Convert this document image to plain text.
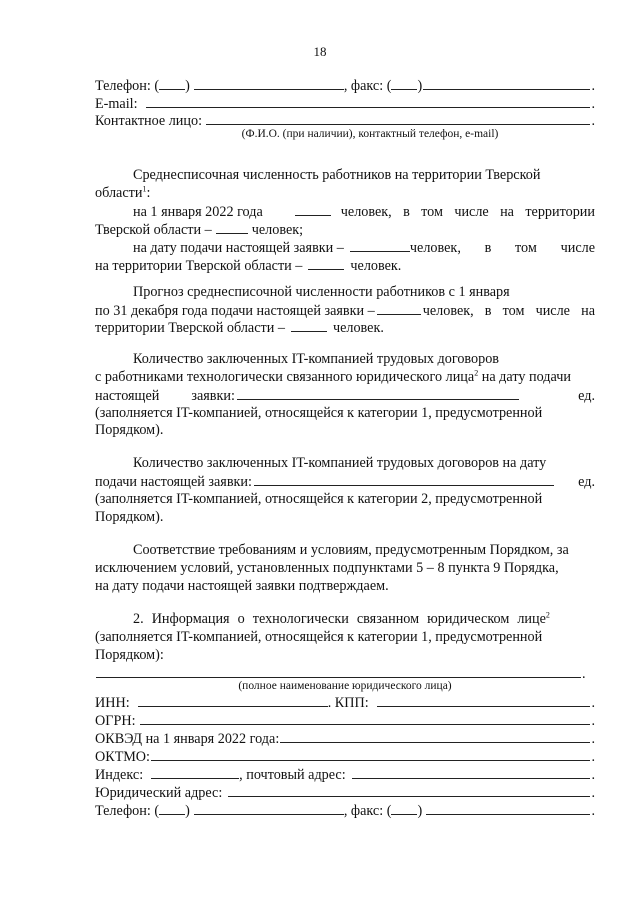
18
Телефон: ( )	, факс: ( )	.
E-mail:	.
Контактное лицо:	.
(Ф.И.О. (при наличии), контактный телефон, e-mail)
Среднесписочная численность работников на территории Тверской
области$^1$:
на 1 января 2022 года	человек, в том числе на территории
Тверской области –	человек;
на дату подачи настоящей заявки –	человек, в том числе
на территории Тверской области –	человек.
Прогноз среднесписочной численности работников с 1 января
по 31 декабря года подачи настоящей заявки –	человек, в том числе на
территории Тверской области –	человек.
Количество заключенных IT-компанией трудовых договоров
с работниками технологически связанного юридического лица$^2$ на дату подачи
настоящей заявки:	ед.
(заполняется IT-компанией, относящейся к категории 1, предусмотренной
Порядком).
Количество заключенных IT-компанией трудовых договоров на дату
подачи настоящей заявки:	ед.
(заполняется IT-компанией, относящейся к категории 2, предусмотренной
Порядком).
Соответствие требованиям и условиям, предусмотренным Порядком, за
исключением условий, установленных подпунктами 5 – 8 пункта 9 Порядка,
на дату подачи настоящей заявки подтверждаем.
2. Информация о технологически связанном юридическом лице$^2$
(заполняется IT-компанией, относящейся к категории 1, предусмотренной
Порядком):
.
(полное наименование юридического лица)
ИНН:	. КПП:	.
ОГРН:	.
ОКВЭД на 1 января 2022 года:	.
ОКТМО:	.
Индекс:	, почтовый адрес:	.
Юридический адрес:	.
Телефон: ( )	, факс: ( )	.
